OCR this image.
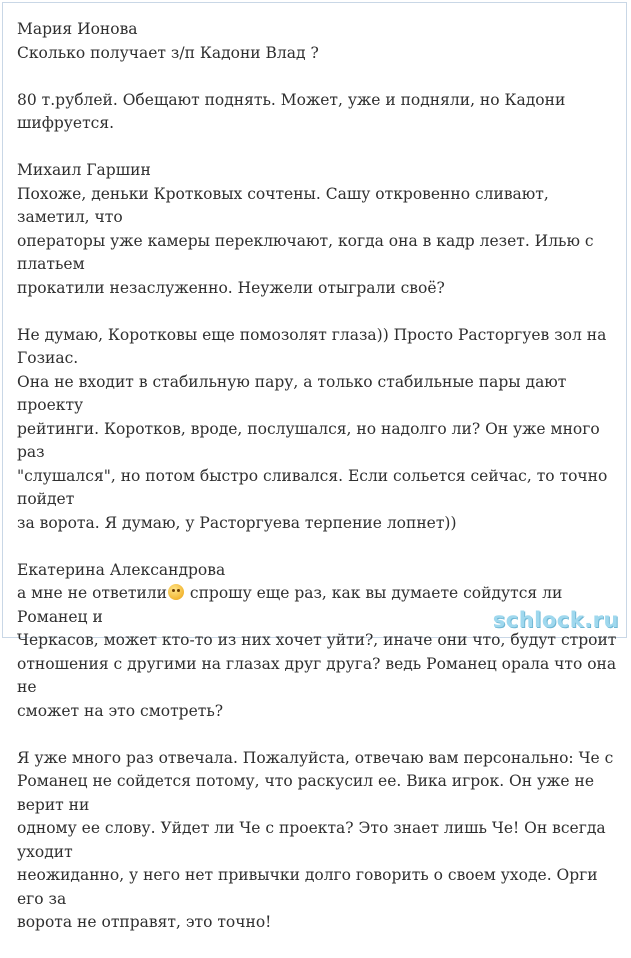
Мария Ионова

Сколько получает з/п Кадони Влад ?

80 т.рублей. Обещают поднять. Может, уже и подняли, но Кадони шифруется.

Михаил Гаршин

Похоже, деньки Кротковых сочтены. Сашу откровенно сливают, заметил, что
операторы уже камеры переключают, когда она в кадр лезет. Илью с платьем
прокатили незаслуженно. Неужели отыграли своё?

Не думаю, Коротковы еще помозолят глаза)) Просто Расторгуев зол на Гозиас.
Она не входит в стабильную пару, а только стабильные пары дают проекту
рейтинги. Коротков, вроде, послушался, но надолго ли? Он уже много раз
"слушался", но потом быстро сливался. Если сольется сейчас, то точно пойдет
за ворота. Я думаю, у Расторгуева терпение лопнет))

Екатерина Александрова

а мне не ответили спрошу еще раз, как вы думаете сойдутся ли Романец и
Черкасов, может кто-то из них хочет уйти?, иначе они что, будут строит
отношения с другими на глазах друг друга? ведь Романец орала что она не
сможет на это смотреть?

Я уже много раз отвечала. Пожалуйста, отвечаю вам персонально: Че с
Романец не сойдется потому, что раскусил ее. Вика игрок. Он уже не верит ни
одному ее слову. Уйдет ли Че с проекта? Это знает лишь Че! Он всегда уходит
неожиданно, у него нет привычки долго говорить о своем уходе. Орги его за
ворота не отправят, это точно!

schlock.ru
